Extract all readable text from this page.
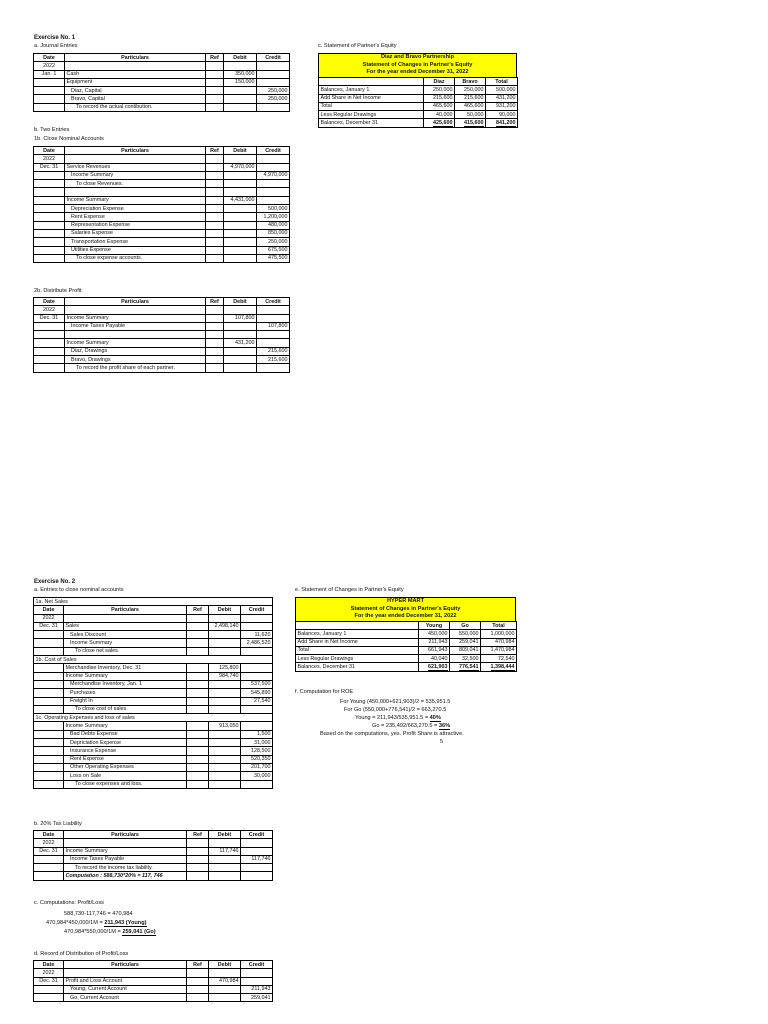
Exercise No. 1
a. Journal Entries
Date	Particulars	Ref	Debit	Credit
2022				
Jan. 1	Cash		350,000	
	Equipment		150,000	
	Diaz, Capital			250,000
	Bravo, Capital			250,000
	To record the actual contibution.			
b. Two Entries
1b. Close Nominal Accounts
Date	Particulars	Ref	Debit	Credit
2022				
Dec. 31	Service Revenues		4,970,000	
	Income Summary			4,970,000
	To close Revenues.			

	Income Summary		4,431,000	
	Depreciation Expense			500,000
	Rent Expense			1,200,000
	Representation Expense			480,000
	Salaries Expense			850,000
	Transportation Expense			250,000
	Utilities Expense			675,500
	To close expense accounts.			475,500
2b. Distribute Profit
Date	Particulars	Ref	Debit	Credit
2022				
Dec. 31	Income Summary		107,800	
	Income Taxes Payable			107,800

	Income Summary		431,200	
	Diaz, Drawings			215,600
	Bravo, Drawings			215,600
	To record the profit share of each partner.			
c. Statement of Partner's Equity
Diaz and Bravo Partnership
Statement of Changes in Partner's Equity
For the year ended December 31, 2022
	Diaz	Bravo	Total
Balances, January 1	250,000	250,000	500,000
Add Share in Net Income	215,600	215,600	431,200
Total	465,600	465,600	931,200
Less Regular Drawings	40,000	50,000	90,000
Balances, December 31	425,600	415,600	841,200
Exercise No. 2
a. Entries to close nominal accounts
1a. Net Sales				
Date	Particulars	Ref	Debit	Credit
2022				
Dec. 31	Sales		2,498,140	
	Sales Discount			11,620
	Income Summary			2,486,520
	To close net sales.			
1b. Cost of Sales				
	Merchandise Inventory, Dec. 31		125,800	
	Income Summary		984,740	
	Merchandise Inventory, Jan. 1			537,500
	Purchases			545,890
	Freight In			27,540
	To close cost of sales.			
1c. Operating Expenses and loss of sales				
	Income Summary		913,050	
	Bad Debts Expense			1,500
	Depriciation Expense			31,000
	Insurance Expense			128,500
	Rent Expense			520,350
	Other Operating Expenses			201,700
	Loss on Sale			30,000
	To close expenses and loss.			
b. 20% Tax Liability
Date	Particulars	Ref	Debit	Credit
2022				
Dec. 31	Income Summary		117,746	
	Income Taxes Payable			117,746
	To record the income tax liability.			
	Computation : 588,730*20% = 117, 746			
c. Computations: Profit/Loss
588,730-117,746 = 470,984
470,984*450,000/1M = 211,943 (Young)
470,984*550,000/1M = 259,041 (Go)
d. Record of Distribution of Profit/Loss
Date	Particulars	Ref	Debit	Credit
2022				
Dec. 31	Profit and Loss Account		470,984	
	Young, Current Account			211,943
	Go, Current Account			259,041
e. Statement of Changes in Partner's Equity
HYPER MART
Statement of Changes in Partner's Equity
For the year ended December 31, 2022
	Young	Go	Total
Balances, January 1	450,000	550,000	1,000,000
Add Share in Net Income	211,943	259,041	470,984
Total	661,943	809,041	1,470,984
Less Regular Drawings	40,040	32,500	72,540
Balances, December 31	621,903	776,541	1,398,444
f. Computation for ROE
For Young (450,000+621,903)/2 = 535,951.5
For Go (550,000+776,541)/2 = 663,270.5
Young = 211,943/535,951.5 = 40%
Go = 235,492/663,270.5 = 36%
Based on the computations, yes. Profit Share is attractive.
5
